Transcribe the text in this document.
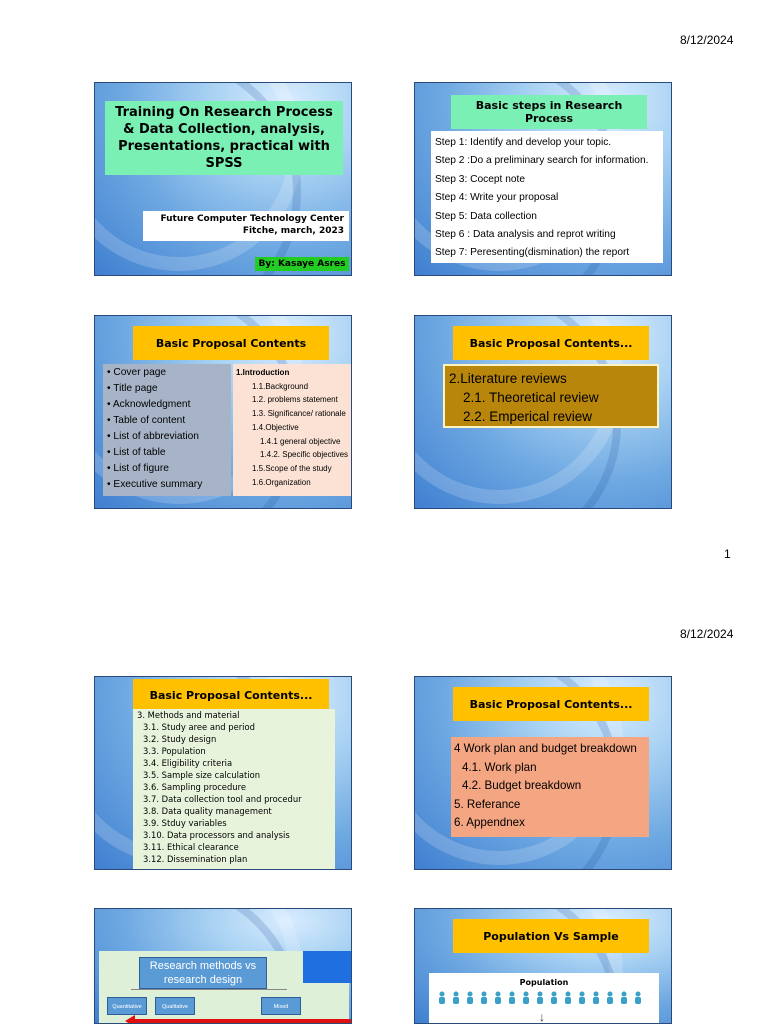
8/12/2024
Training On Research Process & Data Collection, analysis, Presentations, practical with SPSS
Future Computer Technology Center
Fitche, march, 2023
By: Kasaye Asres
Basic steps in Research Process
Step 1: Identify and develop your topic.
Step 2 :Do a preliminary search for information.
Step 3: Cocept note
Step 4: Write your proposal
Step 5: Data collection
Step 6 : Data analysis and reprot writing
Step 7: Peresenting(dismination) the report
Basic Proposal Contents
• Cover page
• Title page
• Acknowledgment
• Table of content
• List of abbreviation
• List of table
• List of figure
• Executive summary
1.Introduction
1.1.Background
1.2. problems statement
1.3. Significance/ rationale
1.4.Objective
1.4.1 general objective
1.4.2. Specific objectives
1.5.Scope of the study
1.6.Organization
Basic Proposal Contents...
2.Literature reviews
2.1. Theoretical review
2.2. Emperical review
1
8/12/2024
Basic Proposal Contents...
3. Methods and material
3.1. Study aree and period
3.2. Study design
3.3. Population
3.4. Eligibility criteria
3.5. Sample size calculation
3.6. Sampling procedure
3.7. Data collection tool and procedur
3.8. Data quality management
3.9. Stduy variables
3.10. Data processors and analysis
3.11. Ethical clearance
3.12. Dissemination plan
Basic Proposal Contents...
4 Work plan and budget breakdown
4.1. Work plan
4.2. Budget breakdown
5. Referance
6. Appendnex
Research methods vs research design
Quantitative	Qualitative	Mixed
Population Vs Sample
Population
↓
